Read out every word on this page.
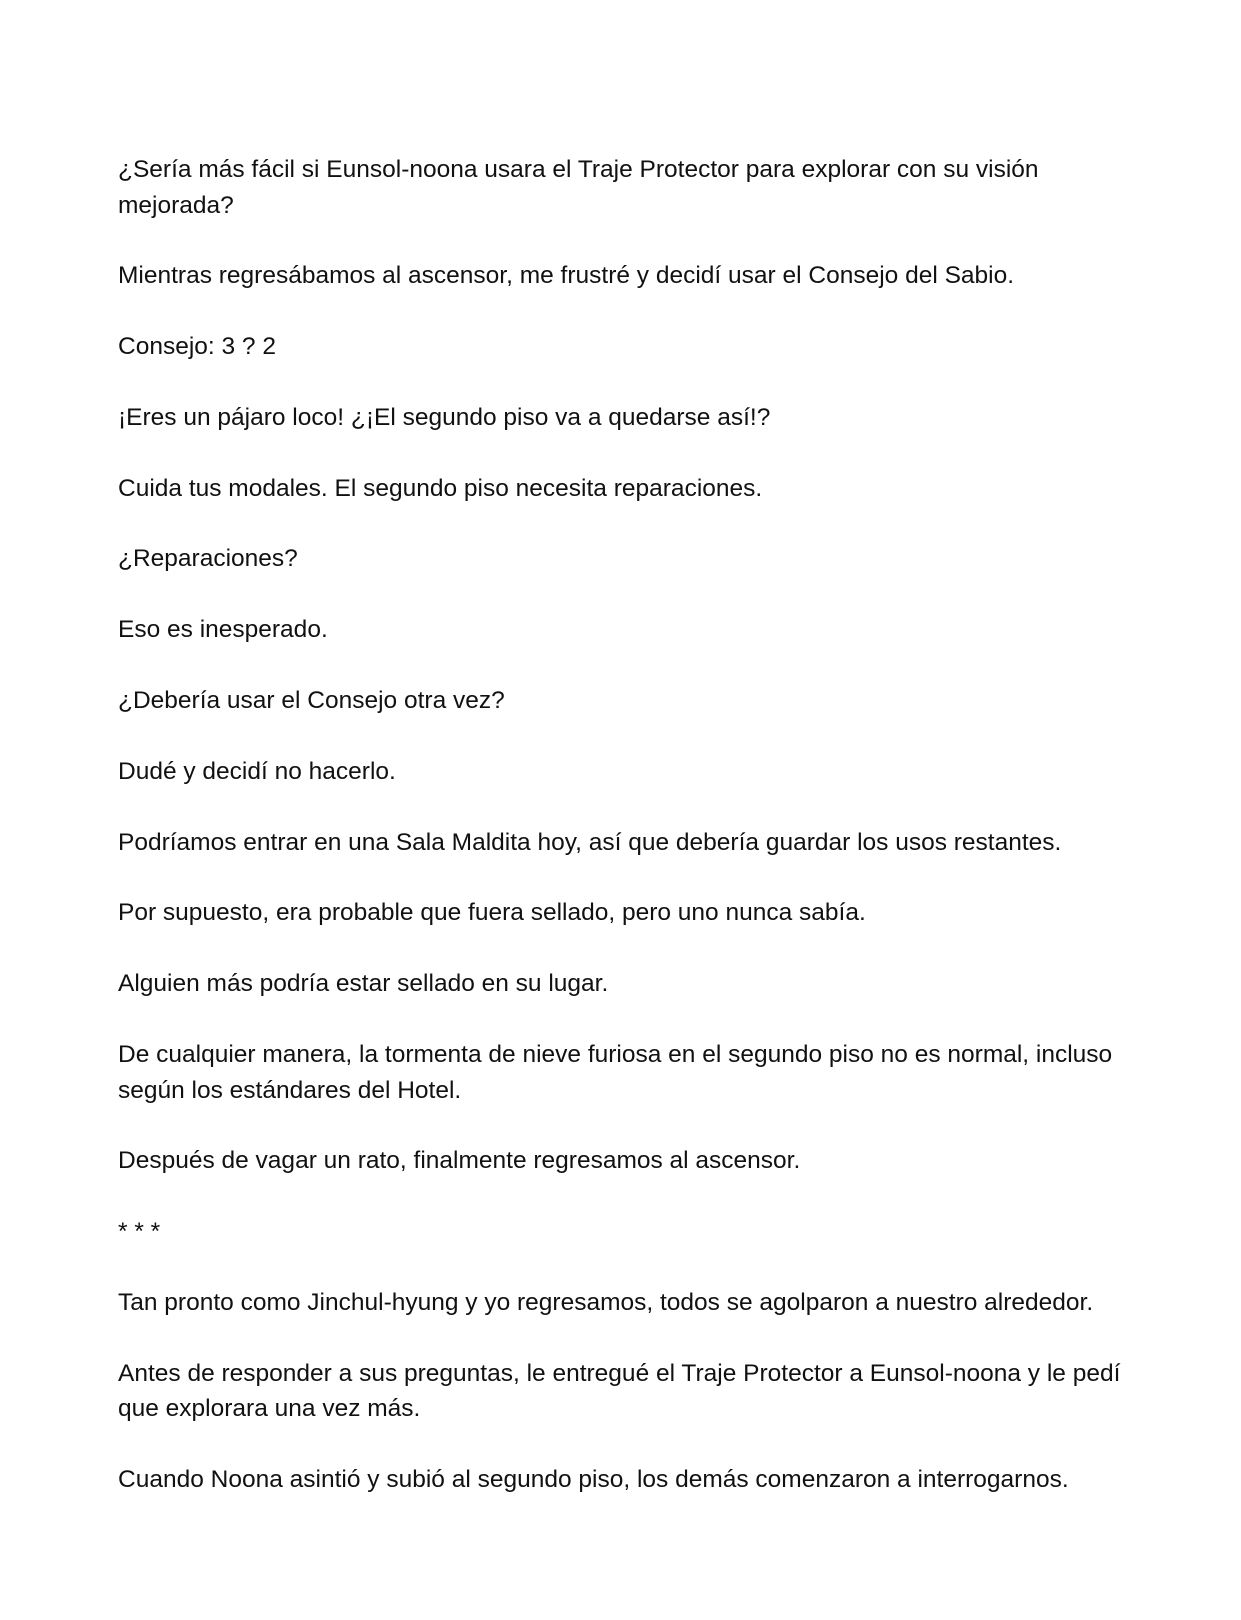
¿Sería más fácil si Eunsol-noona usara el Traje Protector para explorar con su visión mejorada?

Mientras regresábamos al ascensor, me frustré y decidí usar el Consejo del Sabio.

Consejo: 3 ? 2

¡Eres un pájaro loco! ¿¡El segundo piso va a quedarse así!?

Cuida tus modales. El segundo piso necesita reparaciones.

¿Reparaciones?

Eso es inesperado.

¿Debería usar el Consejo otra vez?

Dudé y decidí no hacerlo.

Podríamos entrar en una Sala Maldita hoy, así que debería guardar los usos restantes.

Por supuesto, era probable que fuera sellado, pero uno nunca sabía.

Alguien más podría estar sellado en su lugar.

De cualquier manera, la tormenta de nieve furiosa en el segundo piso no es normal, incluso según los estándares del Hotel.

Después de vagar un rato, finalmente regresamos al ascensor.

* * *

Tan pronto como Jinchul-hyung y yo regresamos, todos se agolparon a nuestro alrededor.

Antes de responder a sus preguntas, le entregué el Traje Protector a Eunsol-noona y le pedí que explorara una vez más.

Cuando Noona asintió y subió al segundo piso, los demás comenzaron a interrogarnos.
